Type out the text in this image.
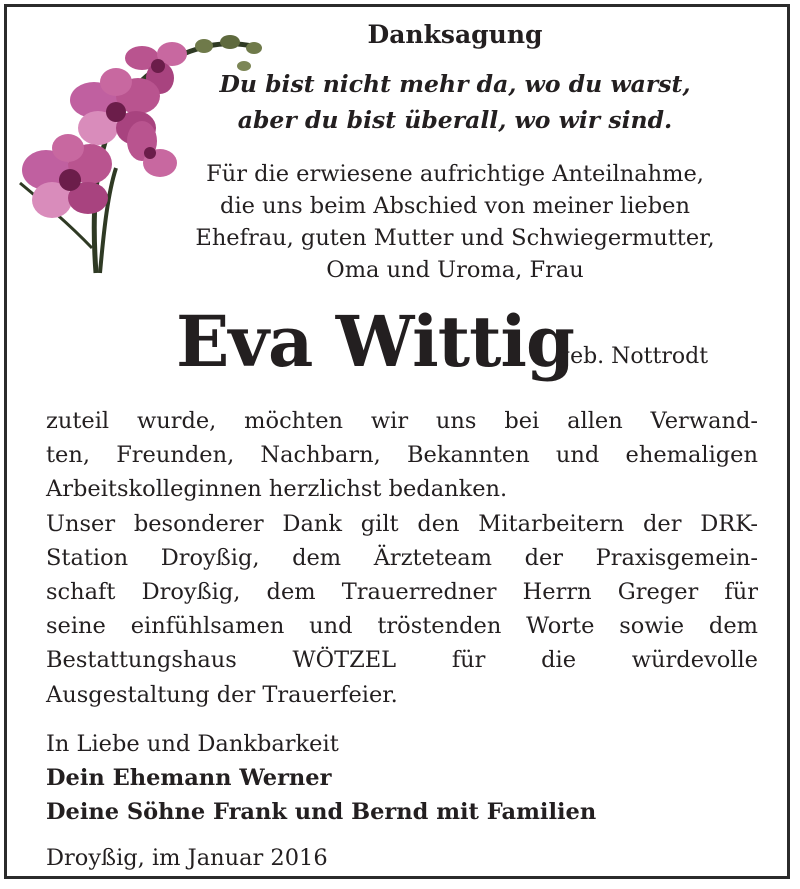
Danksagung
Du bist nicht mehr da, wo du warst,
aber du bist überall, wo wir sind.
Für die erwiesene aufrichtige Anteilnahme,
die uns beim Abschied von meiner lieben
Ehefrau, guten Mutter und Schwiegermutter,
Oma und Uroma, Frau
Eva Wittig
geb. Nottrodt

zuteil wurde, möchten wir uns bei allen Verwand-

ten, Freunden, Nachbarn, Bekannten und ehemaligen

Arbeitskolleginnen herzlichst bedanken.

Unser besonderer Dank gilt den Mitarbeitern der DRK-

Station Droyßig, dem Ärzteteam der Praxisgemein-

schaft Droyßig, dem Trauerredner Herrn Greger für

seine einfühlsamen und tröstenden Worte sowie dem

Bestattungshaus WÖTZEL für die würdevolle

Ausgestaltung der Trauerfeier.

In Liebe und Dankbarkeit
Dein Ehemann Werner
Deine Söhne Frank und Bernd mit Familien
Droyßig, im Januar 2016
